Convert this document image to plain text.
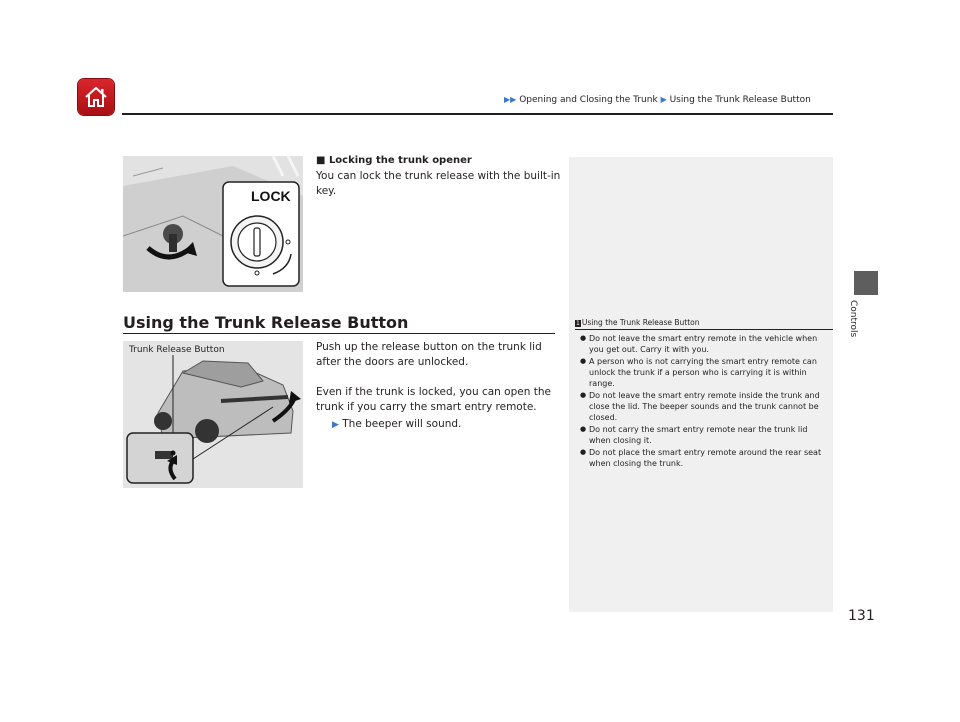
▶▶ Opening and Closing the Trunk ▶ Using the Trunk Release Button
Controls
LOCK
■ Locking the trunk opener
You can lock the trunk release with the built-in key.
Using the Trunk Release Button
Trunk Release Button	Push up the release button on the trunk lid after the doors are unlocked.
Even if the trunk is locked, you can open the trunk if you carry the smart entry remote.
▶ The beeper will sound.
1 Using the Trunk Release Button
● Do not leave the smart entry remote in the vehicle when you get out. Carry it with you.
● A person who is not carrying the smart entry remote can unlock the trunk if a person who is carrying it is within range.
● Do not leave the smart entry remote inside the trunk and close the lid. The beeper sounds and the trunk cannot be closed.
● Do not carry the smart entry remote near the trunk lid when closing it.
● Do not place the smart entry remote around the rear seat when closing the trunk.
131
